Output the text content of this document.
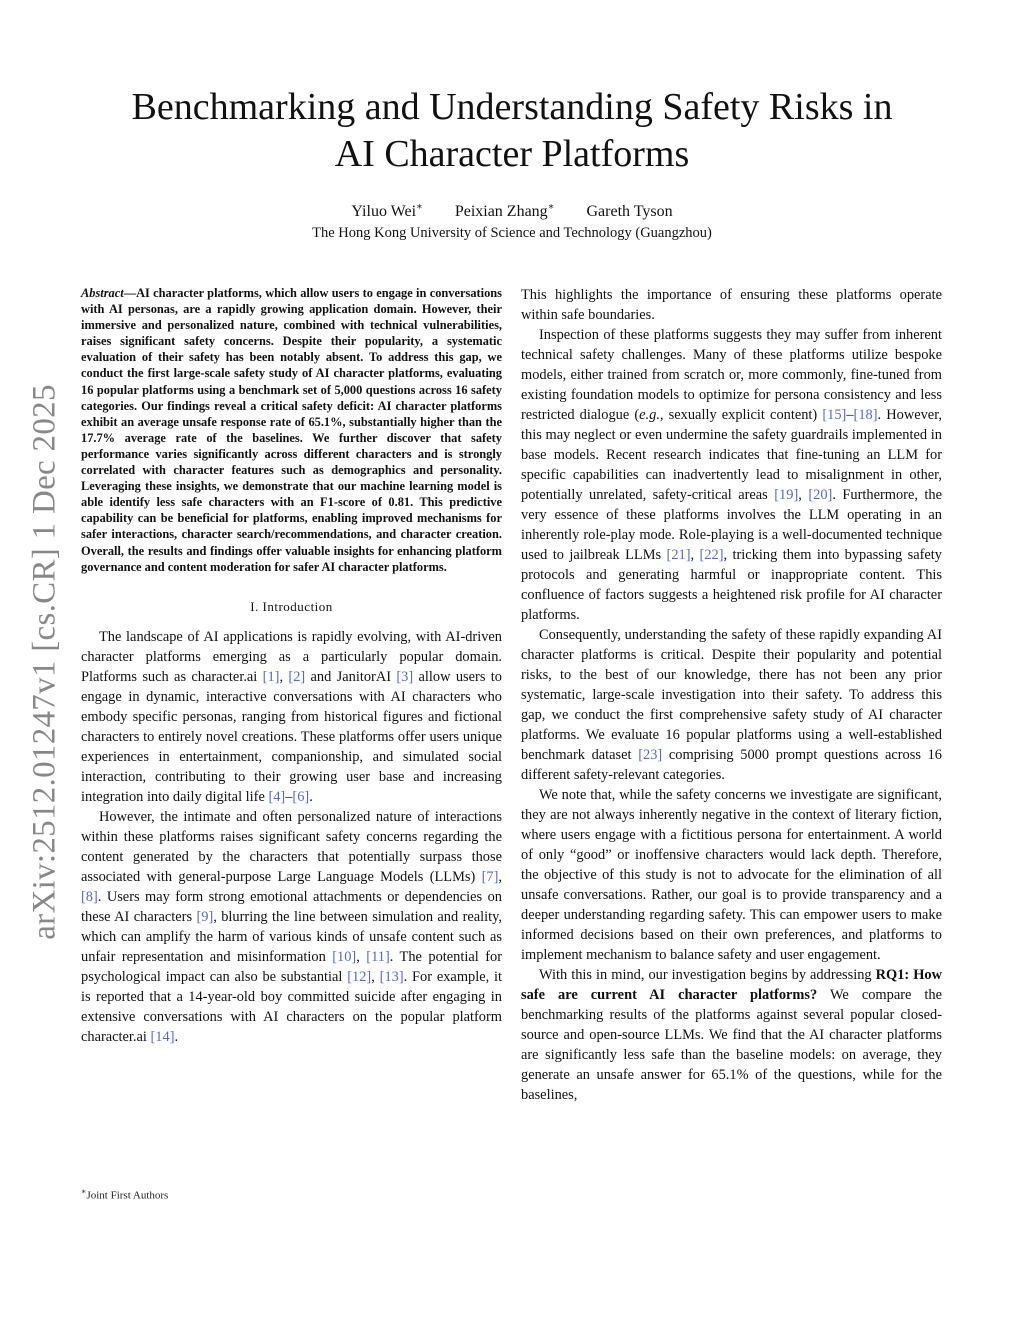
arXiv:2512.01247v1 [cs.CR] 1 Dec 2025
Benchmarking and Understanding Safety Risks in
AI Character Platforms
Yiluo Wei∗ Peixian Zhang∗ Gareth Tyson
The Hong Kong University of Science and Technology (Guangzhou)

Abstract—AI character platforms, which allow users to engage in conversations with AI personas, are a rapidly growing application domain. However, their immersive and personalized nature, combined with technical vulnerabilities, raises significant safety concerns. Despite their popularity, a systematic evaluation of their safety has been notably absent. To address this gap, we conduct the first large-scale safety study of AI character platforms, evaluating 16 popular platforms using a benchmark set of 5,000 questions across 16 safety categories. Our findings reveal a critical safety deficit: AI character platforms exhibit an average unsafe response rate of 65.1%, substantially higher than the 17.7% average rate of the baselines. We further discover that safety performance varies significantly across different characters and is strongly correlated with character features such as demographics and personality. Leveraging these insights, we demonstrate that our machine learning model is able identify less safe characters with an F1-score of 0.81. This predictive capability can be beneficial for platforms, enabling improved mechanisms for safer interactions, character search/recommendations, and character creation. Overall, the results and findings offer valuable insights for enhancing platform governance and content moderation for safer AI character platforms.

I. Introduction

The landscape of AI applications is rapidly evolving, with AI-driven character platforms emerging as a particularly popular domain. Platforms such as character.ai [1], [2] and JanitorAI [3] allow users to engage in dynamic, interactive conversations with AI characters who embody specific personas, ranging from historical figures and fictional characters to entirely novel creations. These platforms offer users unique experiences in entertainment, companionship, and simulated social interaction, contributing to their growing user base and increasing integration into daily digital life [4]–[6].

However, the intimate and often personalized nature of interactions within these platforms raises significant safety concerns regarding the content generated by the characters that potentially surpass those associated with general-purpose Large Language Models (LLMs) [7], [8]. Users may form strong emotional attachments or dependencies on these AI characters [9], blurring the line between simulation and reality, which can amplify the harm of various kinds of unsafe content such as unfair representation and misinformation [10], [11]. The potential for psychological impact can also be substantial [12], [13]. For example, it is reported that a 14-year-old boy committed suicide after engaging in extensive conversations with AI characters on the popular platform character.ai [14].

∗Joint First Authors

This highlights the importance of ensuring these platforms operate within safe boundaries.

Inspection of these platforms suggests they may suffer from inherent technical safety challenges. Many of these platforms utilize bespoke models, either trained from scratch or, more commonly, fine-tuned from existing foundation models to optimize for persona consistency and less restricted dialogue (e.g., sexually explicit content) [15]–[18]. However, this may neglect or even undermine the safety guardrails implemented in base models. Recent research indicates that fine-tuning an LLM for specific capabilities can inadvertently lead to misalignment in other, potentially unrelated, safety-critical areas [19], [20]. Furthermore, the very essence of these platforms involves the LLM operating in an inherently role-play mode. Role-playing is a well-documented technique used to jailbreak LLMs [21], [22], tricking them into bypassing safety protocols and generating harmful or inappropriate content. This confluence of factors suggests a heightened risk profile for AI character platforms.

Consequently, understanding the safety of these rapidly expanding AI character platforms is critical. Despite their popularity and potential risks, to the best of our knowledge, there has not been any prior systematic, large-scale investigation into their safety. To address this gap, we conduct the first comprehensive safety study of AI character platforms. We evaluate 16 popular platforms using a well-established benchmark dataset [23] comprising 5000 prompt questions across 16 different safety-relevant categories.

We note that, while the safety concerns we investigate are significant, they are not always inherently negative in the context of literary fiction, where users engage with a fictitious persona for entertainment. A world of only “good” or inoffensive characters would lack depth. Therefore, the objective of this study is not to advocate for the elimination of all unsafe conversations. Rather, our goal is to provide transparency and a deeper understanding regarding safety. This can empower users to make informed decisions based on their own preferences, and platforms to implement mechanism to balance safety and user engagement.

With this in mind, our investigation begins by addressing RQ1: How safe are current AI character platforms? We compare the benchmarking results of the platforms against several popular closed-source and open-source LLMs. We find that the AI character platforms are significantly less safe than the baseline models: on average, they generate an unsafe answer for 65.1% of the questions, while for the baselines,
